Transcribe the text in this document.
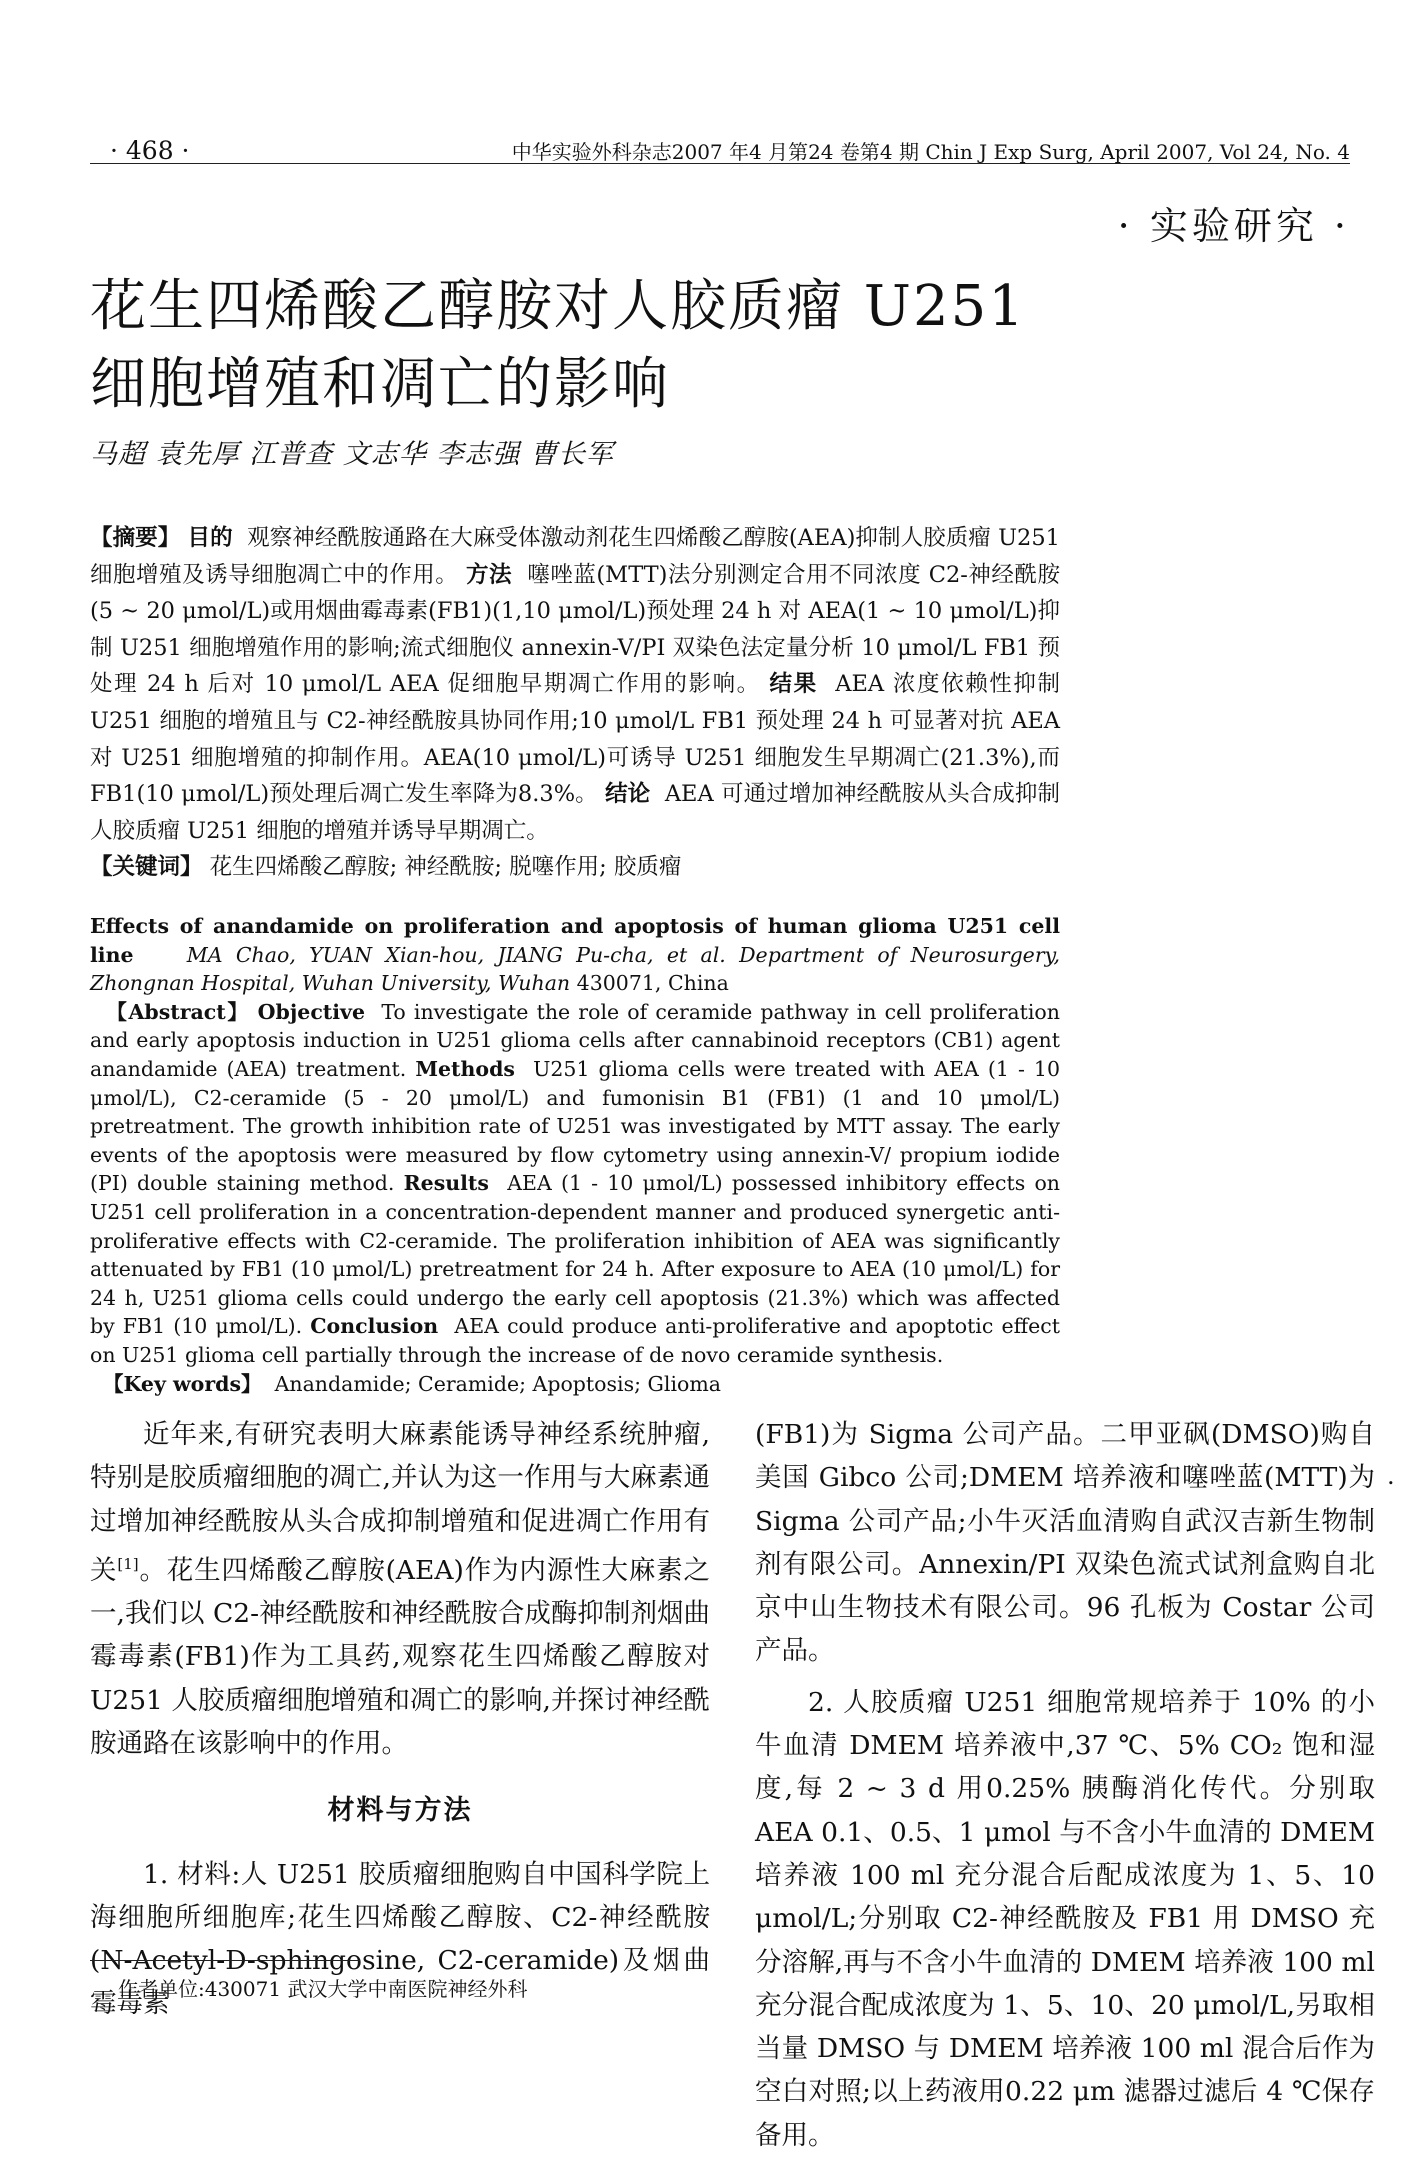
· 468 ·	中华实验外科杂志2007 年4 月第24 卷第4 期 Chin J Exp Surg, April 2007, Vol 24, No. 4
· 实验研究 ·
花生四烯酸乙醇胺对人胶质瘤 U251 细胞增殖和凋亡的影响
马超 袁先厚 江普查 文志华 李志强 曹长军
【摘要】 目的 观察神经酰胺通路在大麻受体激动剂花生四烯酸乙醇胺(AEA)抑制人胶质瘤 U251 细胞增殖及诱导细胞凋亡中的作用。 方法 噻唑蓝(MTT)法分别测定合用不同浓度 C2-神经酰胺(5 ~ 20 μmol/L)或用烟曲霉毒素(FB1)(1,10 μmol/L)预处理 24 h 对 AEA(1 ~ 10 μmol/L)抑制 U251 细胞增殖作用的影响;流式细胞仪 annexin-V/PI 双染色法定量分析 10 μmol/L FB1 预处理 24 h 后对 10 μmol/L AEA 促细胞早期凋亡作用的影响。 结果 AEA 浓度依赖性抑制 U251 细胞的增殖且与 C2-神经酰胺具协同作用;10 μmol/L FB1 预处理 24 h 可显著对抗 AEA 对 U251 细胞增殖的抑制作用。AEA(10 μmol/L)可诱导 U251 细胞发生早期凋亡(21.3%),而 FB1(10 μmol/L)预处理后凋亡发生率降为8.3%。 结论 AEA 可通过增加神经酰胺从头合成抑制人胶质瘤 U251 细胞的增殖并诱导早期凋亡。
【关键词】 花生四烯酸乙醇胺; 神经酰胺; 脱噻作用; 胶质瘤
Effects of anandamide on proliferation and apoptosis of human glioma U251 cell line	MA Chao, YUAN Xian-hou, JIANG Pu-cha, et al. Department of Neurosurgery, Zhongnan Hospital, Wuhan University, Wuhan 430071, China
【Abstract】 Objective To investigate the role of ceramide pathway in cell proliferation and early apoptosis induction in U251 glioma cells after cannabinoid receptors (CB1) agent anandamide (AEA) treatment. Methods U251 glioma cells were treated with AEA (1 - 10 μmol/L), C2-ceramide (5 - 20 μmol/L) and fumonisin B1 (FB1) (1 and 10 μmol/L) pretreatment. The growth inhibition rate of U251 was investigated by MTT assay. The early events of the apoptosis were measured by flow cytometry using annexin-V/ propium iodide (PI) double staining method. Results AEA (1 - 10 μmol/L) possessed inhibitory effects on U251 cell proliferation in a concentration-dependent manner and produced synergetic anti-proliferative effects with C2-ceramide. The proliferation inhibition of AEA was significantly attenuated by FB1 (10 μmol/L) pretreatment for 24 h. After exposure to AEA (10 μmol/L) for 24 h, U251 glioma cells could undergo the early cell apoptosis (21.3%) which was affected by FB1 (10 μmol/L). Conclusion AEA could produce anti-proliferative and apoptotic effect on U251 glioma cell partially through the increase of de novo ceramide synthesis.
【Key words】 Anandamide; Ceramide; Apoptosis; Glioma

近年来,有研究表明大麻素能诱导神经系统肿瘤,特别是胶质瘤细胞的凋亡,并认为这一作用与大麻素通过增加神经酰胺从头合成抑制增殖和促进凋亡作用有关[1]。花生四烯酸乙醇胺(AEA)作为内源性大麻素之一,我们以 C2-神经酰胺和神经酰胺合成酶抑制剂烟曲霉毒素(FB1)作为工具药,观察花生四烯酸乙醇胺对 U251 人胶质瘤细胞增殖和凋亡的影响,并探讨神经酰胺通路在该影响中的作用。

材料与方法

1. 材料:人 U251 胶质瘤细胞购自中国科学院上海细胞所细胞库;花生四烯酸乙醇胺、C2-神经酰胺(N-Acetyl-D-sphingosine, C2-ceramide)及烟曲霉毒素

(FB1)为 Sigma 公司产品。二甲亚砜(DMSO)购自美国 Gibco 公司;DMEM 培养液和噻唑蓝(MTT)为 Sigma 公司产品;小牛灭活血清购自武汉吉新生物制剂有限公司。Annexin/PI 双染色流式试剂盒购自北京中山生物技术有限公司。96 孔板为 Costar 公司产品。

2. 人胶质瘤 U251 细胞常规培养于 10% 的小牛血清 DMEM 培养液中,37 ℃、5% CO₂ 饱和湿度,每 2 ~ 3 d 用0.25% 胰酶消化传代。分别取 AEA 0.1、0.5、1 μmol 与不含小牛血清的 DMEM 培养液 100 ml 充分混合后配成浓度为 1、5、10 μmol/L;分别取 C2-神经酰胺及 FB1 用 DMSO 充分溶解,再与不含小牛血清的 DMEM 培养液 100 ml 充分混合配成浓度为 1、5、10、20 μmol/L,另取相当量 DMSO 与 DMEM 培养液 100 ml 混合后作为空白对照;以上药液用0.22 μm 滤器过滤后 4 ℃保存备用。

.
作者单位:430071 武汉大学中南医院神经外科
